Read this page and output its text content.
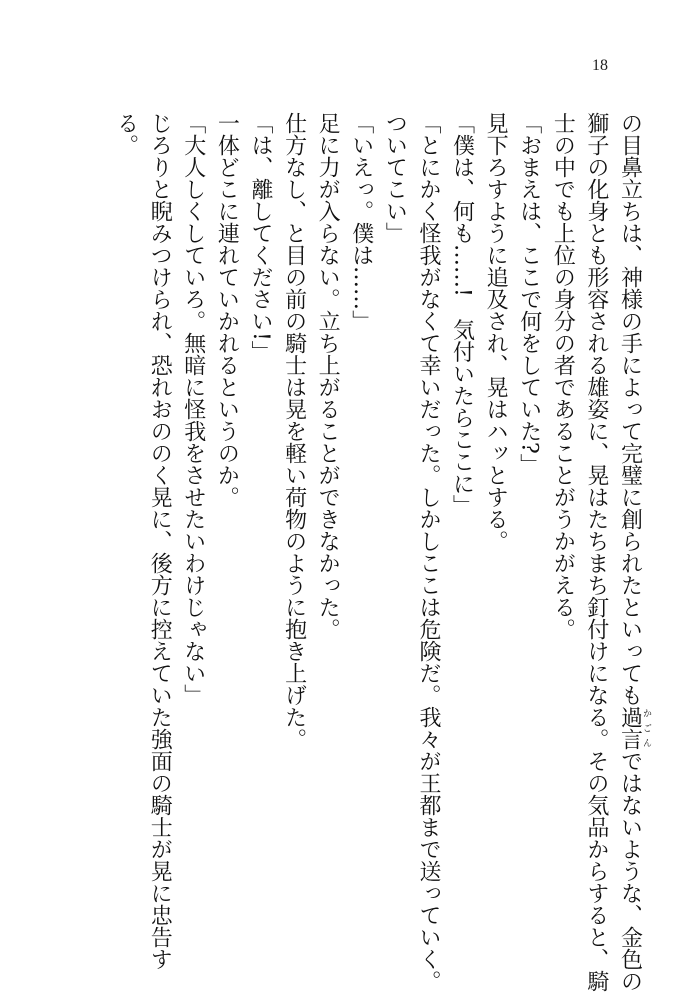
18
の目鼻立ちは、神様の手によって完璧に創られたといっても過言かごんではないような、金色の
獅子の化身とも形容される雄姿に、晃はたちまち釘付けになる。その気品からすると、騎
士の中でも上位の身分の者であることがうかがえる。
「おまえは、ここで何をしていた?」
見下ろすように追及され、晃はハッとする。
「僕は、何も……!　気付いたらここに」
「とにかく怪我がなくて幸いだった。しかしここは危険だ。我々が王都まで送っていく。
ついてこい」
「いえっ。僕は……」
足に力が入らない。立ち上がることができなかった。
仕方なし、と目の前の騎士は晃を軽い荷物のように抱き上げた。
「は、離してください!」
一体どこに連れていかれるというのか。
「大人しくしていろ。無暗に怪我をさせたいわけじゃない」
じろりと睨みつけられ、恐れおののく晃に、後方に控えていた強面の騎士が晃に忠告す
る。
